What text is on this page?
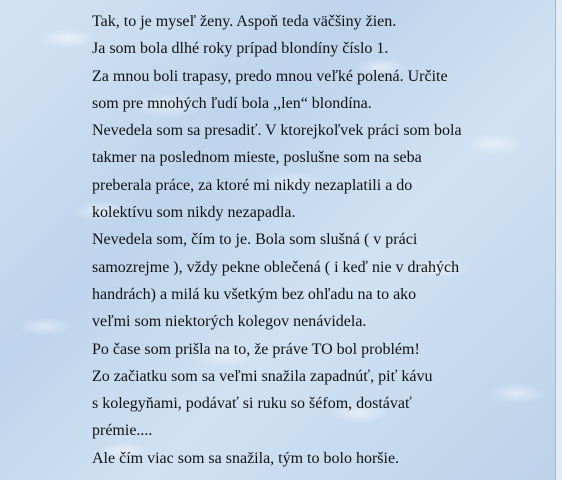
Tak, to je myseľ ženy. Aspoň teda väčšiny žien.

Ja som bola dlhé roky prípad blondíny číslo 1.

Za mnou boli trapasy, predo mnou veľké polená. Určite

som pre mnohých ľudí bola ,,len“ blondína.

Nevedela som sa presadiť. V ktorejkoľvek práci som bola

takmer na poslednom mieste, poslušne som na seba

preberala práce, za ktoré mi nikdy nezaplatili a do

kolektívu som nikdy nezapadla.

Nevedela som, čím to je. Bola som slušná ( v práci

samozrejme ), vždy pekne oblečená ( i keď nie v drahých

handrách) a milá ku všetkým bez ohľadu na to ako

veľmi som niektorých kolegov nenávidela.

Po čase som prišla na to, že práve TO bol problém!

Zo začiatku som sa veľmi snažila zapadnúť, piť kávu

s kolegyňami, podávať si ruku so šéfom, dostávať

prémie....

Ale čím viac som sa snažila, tým to bolo horšie.
